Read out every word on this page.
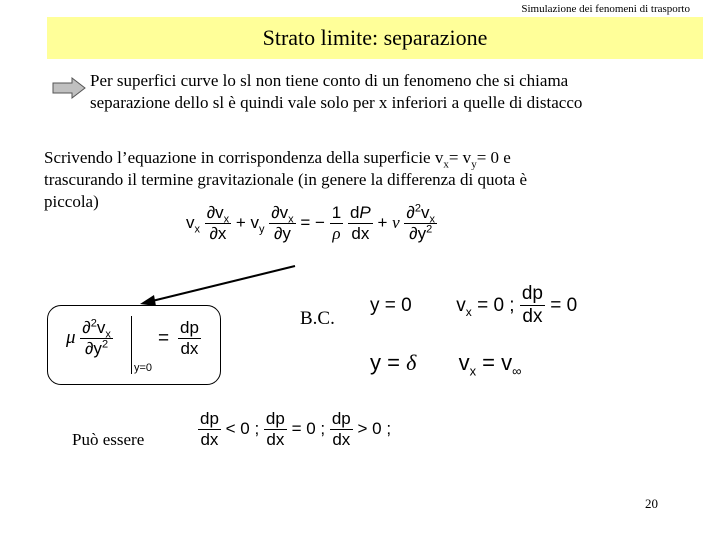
Simulazione dei fenomeni di trasporto
Strato limite: separazione
Per superfici curve lo sl non tiene conto di un fenomeno che si chiama
separazione dello sl è quindi vale solo per x inferiori a quelle di distacco
Scrivendo l’equazione in corrispondenza della superficie $v_x= v_y= 0$ e
trascurando il termine gravitazionale (in genere la differenza di quota è
piccola)
$v_x \frac{\partial v_x}{\partial x} + v_y \frac{\partial v_x}{\partial y}$ = − $\frac{1}{\rho}$
$\frac{dP}{dx} + \nu \frac{\partial^2v_x}{\partial y^2}$
μ $\frac{\partial^2v_x}{\partial y^2}$
y=0
= $\frac{dp}{dx}$	B.C.
y = 0 $v_x = 0$ ; $\frac{dp}{dx} = 0$
y = δ $v_x = v_\infty$
Può essere	$\frac{dp}{dx} < 0$ ; $\frac{dp}{dx} = 0$ ; $\frac{dp}{dx} > 0$ ;
20
